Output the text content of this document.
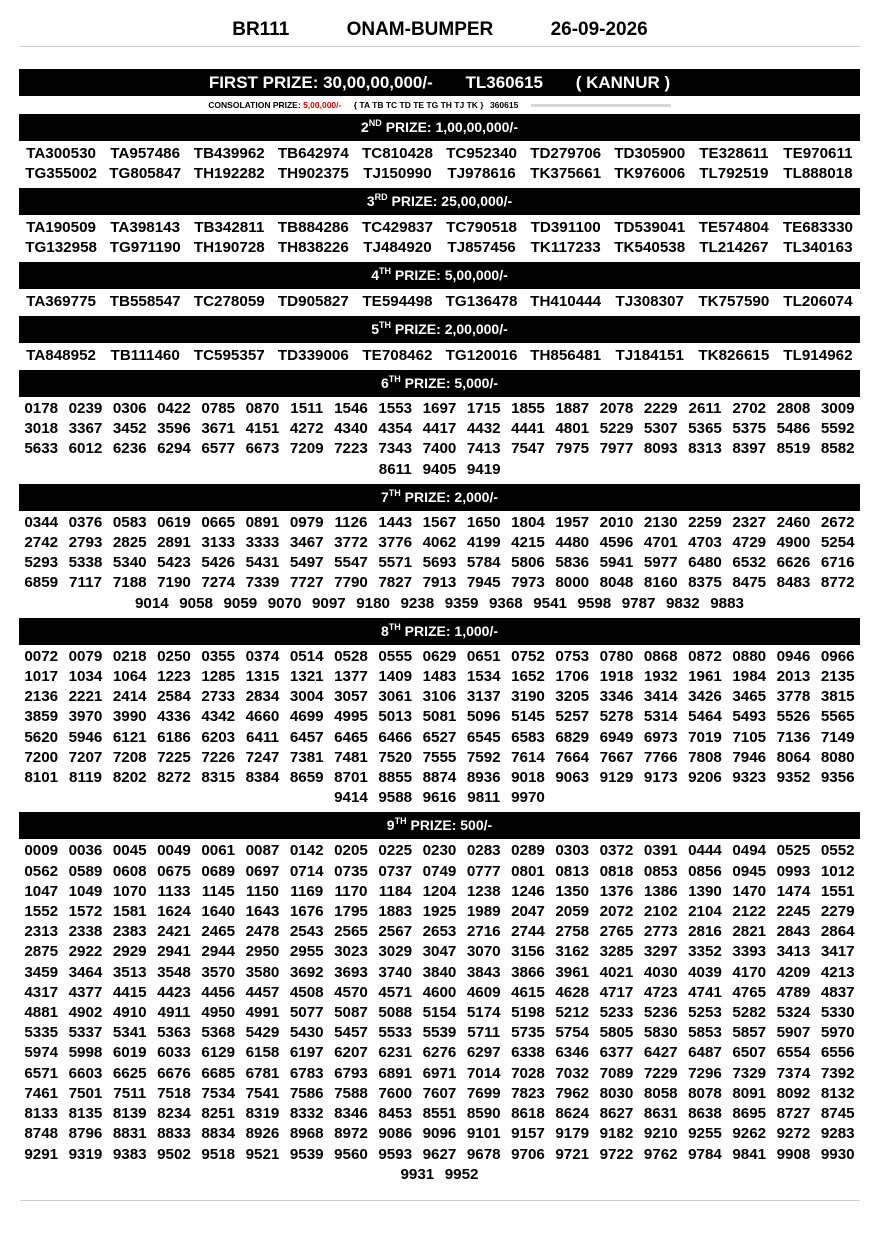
BR111	ONAM-BUMPER	26-09-2026
FIRST PRIZE: 30,00,00,000/- TL360615 ( KANNUR )
CONSOLATION PRIZE: 5,00,000/- { TA TB TC TD TE TG TH TJ TK } 360615
2ND PRIZE: 1,00,00,000/-
TA300530 TA957486 TB439962 TB642974 TC810428 TC952340 TD279706 TD305900 TE328611 TE970611
TG355002 TG805847 TH192282 TH902375 TJ150990	TJ978616 TK375661 TK976006 TL792519 TL888018
3RD PRIZE: 25,00,000/-
TA190509 TA398143 TB342811 TB884286 TC429837 TC790518 TD391100 TD539041 TE574804 TE683330
TG132958 TG971190 TH190728 TH838226 TJ484920	TJ857456 TK117233 TK540538 TL214267 TL340163
4TH PRIZE: 5,00,000/-
TA369775 TB558547 TC278059 TD905827 TE594498 TG136478 TH410444 TJ308307 TK757590 TL206074
5TH PRIZE: 2,00,000/-
TA848952 TB111460 TC595357 TD339006 TE708462 TG120016 TH856481 TJ184151 TK826615 TL914962
6TH PRIZE: 5,000/-
0178 0239 0306 0422 0785 0870 1511 1546 1553 1697 1715 1855 1887 2078 2229 2611 2702 2808 3009
3018 3367 3452 3596 3671 4151 4272 4340 4354 4417 4432 4441 4801 5229 5307 5365 5375 5486 5592
5633 6012 6236 6294 6577 6673 7209 7223 7343 7400 7413 7547 7975 7977 8093 8313 8397 8519 8582
8611 9405 9419
7TH PRIZE: 2,000/-
0344 0376 0583 0619 0665 0891 0979 1126 1443 1567 1650 1804 1957 2010 2130 2259 2327 2460 2672
2742 2793 2825 2891 3133 3333 3467 3772 3776 4062 4199 4215 4480 4596 4701 4703 4729 4900 5254
5293 5338 5340 5423 5426 5431 5497 5547 5571 5693 5784 5806 5836 5941 5977 6480 6532 6626 6716
6859 7117 7188 7190 7274 7339 7727 7790 7827 7913 7945 7973 8000 8048 8160 8375 8475 8483 8772
9014 9058 9059 9070 9097 9180 9238 9359 9368 9541 9598 9787 9832 9883
8TH PRIZE: 1,000/-
0072 0079 0218 0250 0355 0374 0514 0528 0555 0629 0651 0752 0753 0780 0868 0872 0880 0946 0966
1017 1034 1064 1223 1285 1315 1321 1377 1409 1483 1534 1652 1706 1918 1932 1961 1984 2013 2135
2136 2221 2414 2584 2733 2834 3004 3057 3061 3106 3137 3190 3205 3346 3414 3426 3465 3778 3815
3859 3970 3990 4336 4342 4660 4699 4995 5013 5081 5096 5145 5257 5278 5314 5464 5493 5526 5565
5620 5946 6121 6186 6203 6411 6457 6465 6466 6527 6545 6583 6829 6949 6973 7019 7105 7136 7149
7200 7207 7208 7225 7226 7247 7381 7481 7520 7555 7592 7614 7664 7667 7766 7808 7946 8064 8080
8101 8119 8202 8272 8315 8384 8659 8701 8855 8874 8936 9018 9063 9129 9173 9206 9323 9352 9356
9414 9588 9616 9811 9970
9TH PRIZE: 500/-
0009 0036 0045 0049 0061 0087 0142 0205 0225 0230 0283 0289 0303 0372 0391 0444 0494 0525 0552
0562 0589 0608 0675 0689 0697 0714 0735 0737 0749 0777 0801 0813 0818 0853 0856 0945 0993 1012
1047 1049 1070 1133 1145 1150 1169 1170 1184 1204 1238 1246 1350 1376 1386 1390 1470 1474 1551
1552 1572 1581 1624 1640 1643 1676 1795 1883 1925 1989 2047 2059 2072 2102 2104 2122 2245 2279
2313 2338 2383 2421 2465 2478 2543 2565 2567 2653 2716 2744 2758 2765 2773 2816 2821 2843 2864
2875 2922 2929 2941 2944 2950 2955 3023 3029 3047 3070 3156 3162 3285 3297 3352 3393 3413 3417
3459 3464 3513 3548 3570 3580 3692 3693 3740 3840 3843 3866 3961 4021 4030 4039 4170 4209 4213
4317 4377 4415 4423 4456 4457 4508 4570 4571 4600 4609 4615 4628 4717 4723 4741 4765 4789 4837
4881 4902 4910 4911 4950 4991 5077 5087 5088 5154 5174 5198 5212 5233 5236 5253 5282 5324 5330
5335 5337 5341 5363 5368 5429 5430 5457 5533 5539 5711 5735 5754 5805 5830 5853 5857 5907 5970
5974 5998 6019 6033 6129 6158 6197 6207 6231 6276 6297 6338 6346 6377 6427 6487 6507 6554 6556
6571 6603 6625 6676 6685 6781 6783 6793 6891 6971 7014 7028 7032 7089 7229 7296 7329 7374 7392
7461 7501 7511 7518 7534 7541 7586 7588 7600 7607 7699 7823 7962 8030 8058 8078 8091 8092 8132
8133 8135 8139 8234 8251 8319 8332 8346 8453 8551 8590 8618 8624 8627 8631 8638 8695 8727 8745
8748 8796 8831 8833 8834 8926 8968 8972 9086 9096 9101 9157 9179 9182 9210 9255 9262 9272 9283
9291 9319 9383 9502 9518 9521 9539 9560 9593 9627 9678 9706 9721 9722 9762 9784 9841 9908 9930
9931 9952
